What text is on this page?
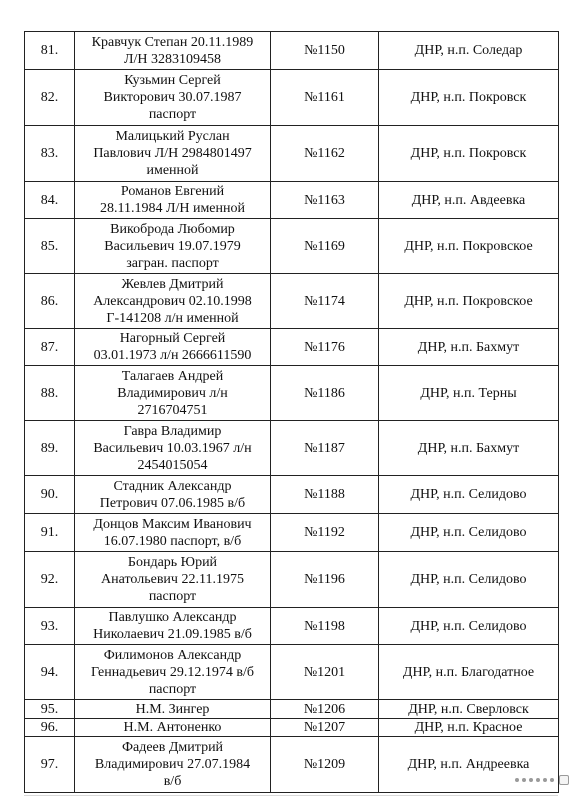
81.	Кравчук Степан 20.11.1989
Л/Н 3283109458	№1150	ДНР, н.п. Соледар
82.	Кузьмин Сергей
Викторович 30.07.1987
паспорт	№1161	ДНР, н.п. Покровск
83.	Малицький Руслан
Павлович Л/Н 2984801497
именной	№1162	ДНР, н.п. Покровск
84.	Романов Евгений
28.11.1984 Л/Н именной	№1163	ДНР, н.п. Авдеевка
85.	Викоброда Любомир
Васильевич 19.07.1979
загран. паспорт	№1169	ДНР, н.п. Покровское
86.	Жевлев Дмитрий
Александрович 02.10.1998
Г-141208 л/н именной	№1174	ДНР, н.п. Покровское
87.	Нагорный Сергей
03.01.1973 л/н 2666611590	№1176	ДНР, н.п. Бахмут
88.	Талагаев Андрей
Владимирович л/н
2716704751	№1186	ДНР, н.п. Терны
89.	Гавра Владимир
Васильевич 10.03.1967 л/н
2454015054	№1187	ДНР, н.п. Бахмут
90.	Стадник Александр
Петрович 07.06.1985 в/б	№1188	ДНР, н.п. Селидово
91.	Донцов Максим Иванович
16.07.1980 паспорт, в/б	№1192	ДНР, н.п. Селидово
92.	Бондарь Юрий
Анатольевич 22.11.1975
паспорт	№1196	ДНР, н.п. Селидово
93.	Павлушко Александр
Николаевич 21.09.1985 в/б	№1198	ДНР, н.п. Селидово
94.	Филимонов Александр
Геннадьевич 29.12.1974 в/б
паспорт	№1201	ДНР, н.п. Благодатное
95.	Н.М. Зингер	№1206	ДНР, н.п. Сверловск
96.	Н.М. Антоненко	№1207	ДНР, н.п. Красное
97.	Фадеев Дмитрий
Владимирович 27.07.1984
в/б	№1209	ДНР, н.п. Андреевка
